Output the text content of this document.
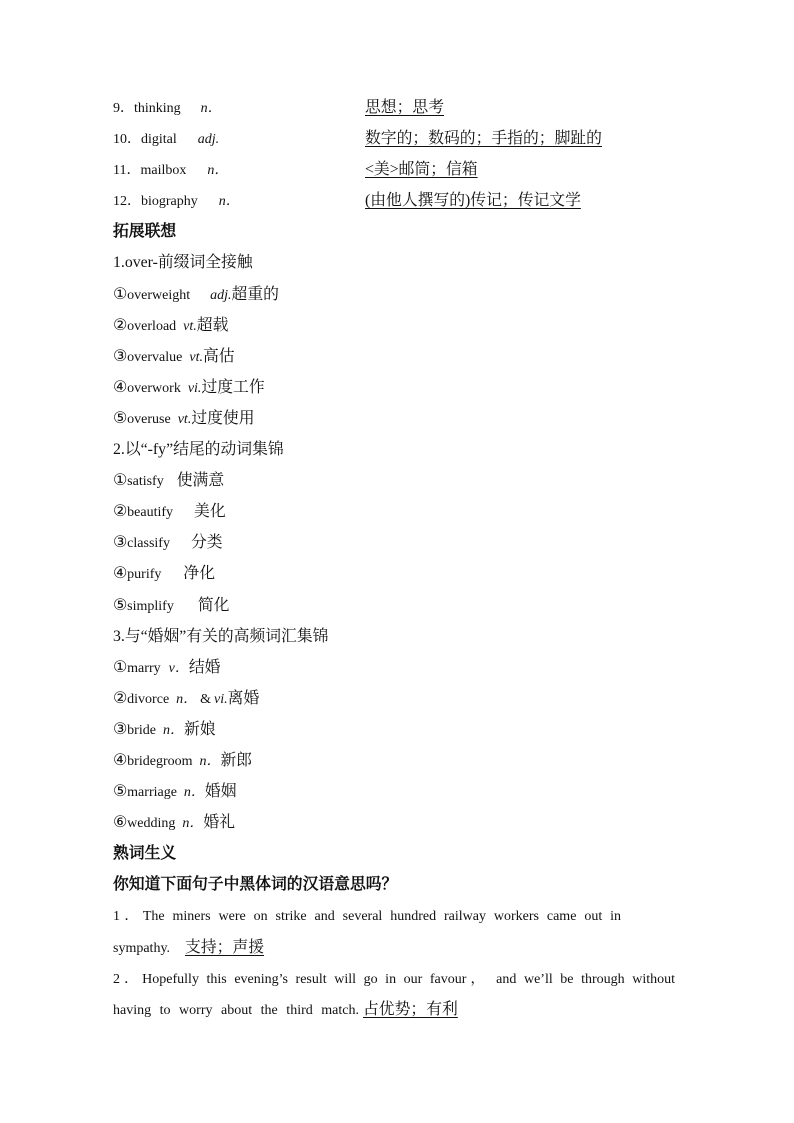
9．thinking n．	思想；思考
10．digital adj.	数字的；数码的；手指的；脚趾的
11．mailbox n．	<美>邮筒；信箱
12．biography n．	(由他人撰写的)传记；传记文学
拓展联想
1.over-前缀词全接触
①overweight adj.超重的
②overload vt.超载
③overvalue vt.高估
④overwork vi.过度工作
⑤overuse vt.过度使用
2.以“-fy”结尾的动词集锦
①satisfy 使满意
②beautify 美化
③classify 分类
④purify 净化
⑤simplify 简化
3.与“婚姻”有关的高频词汇集锦
①marry v．结婚
②divorce n． & vi.离婚
③bride n．新娘
④bridegroom n．新郎
⑤marriage n．婚姻
⑥wedding n．婚礼
熟词生义
你知道下面句子中黑体词的汉语意思吗？
1．The miners were on strike and several hundred railway workers came out in
sympathy. 支持；声援
2．Hopefully this evening’s result will go in our favour， and we’ll be through without
having to worry about the third match. 占优势；有利
